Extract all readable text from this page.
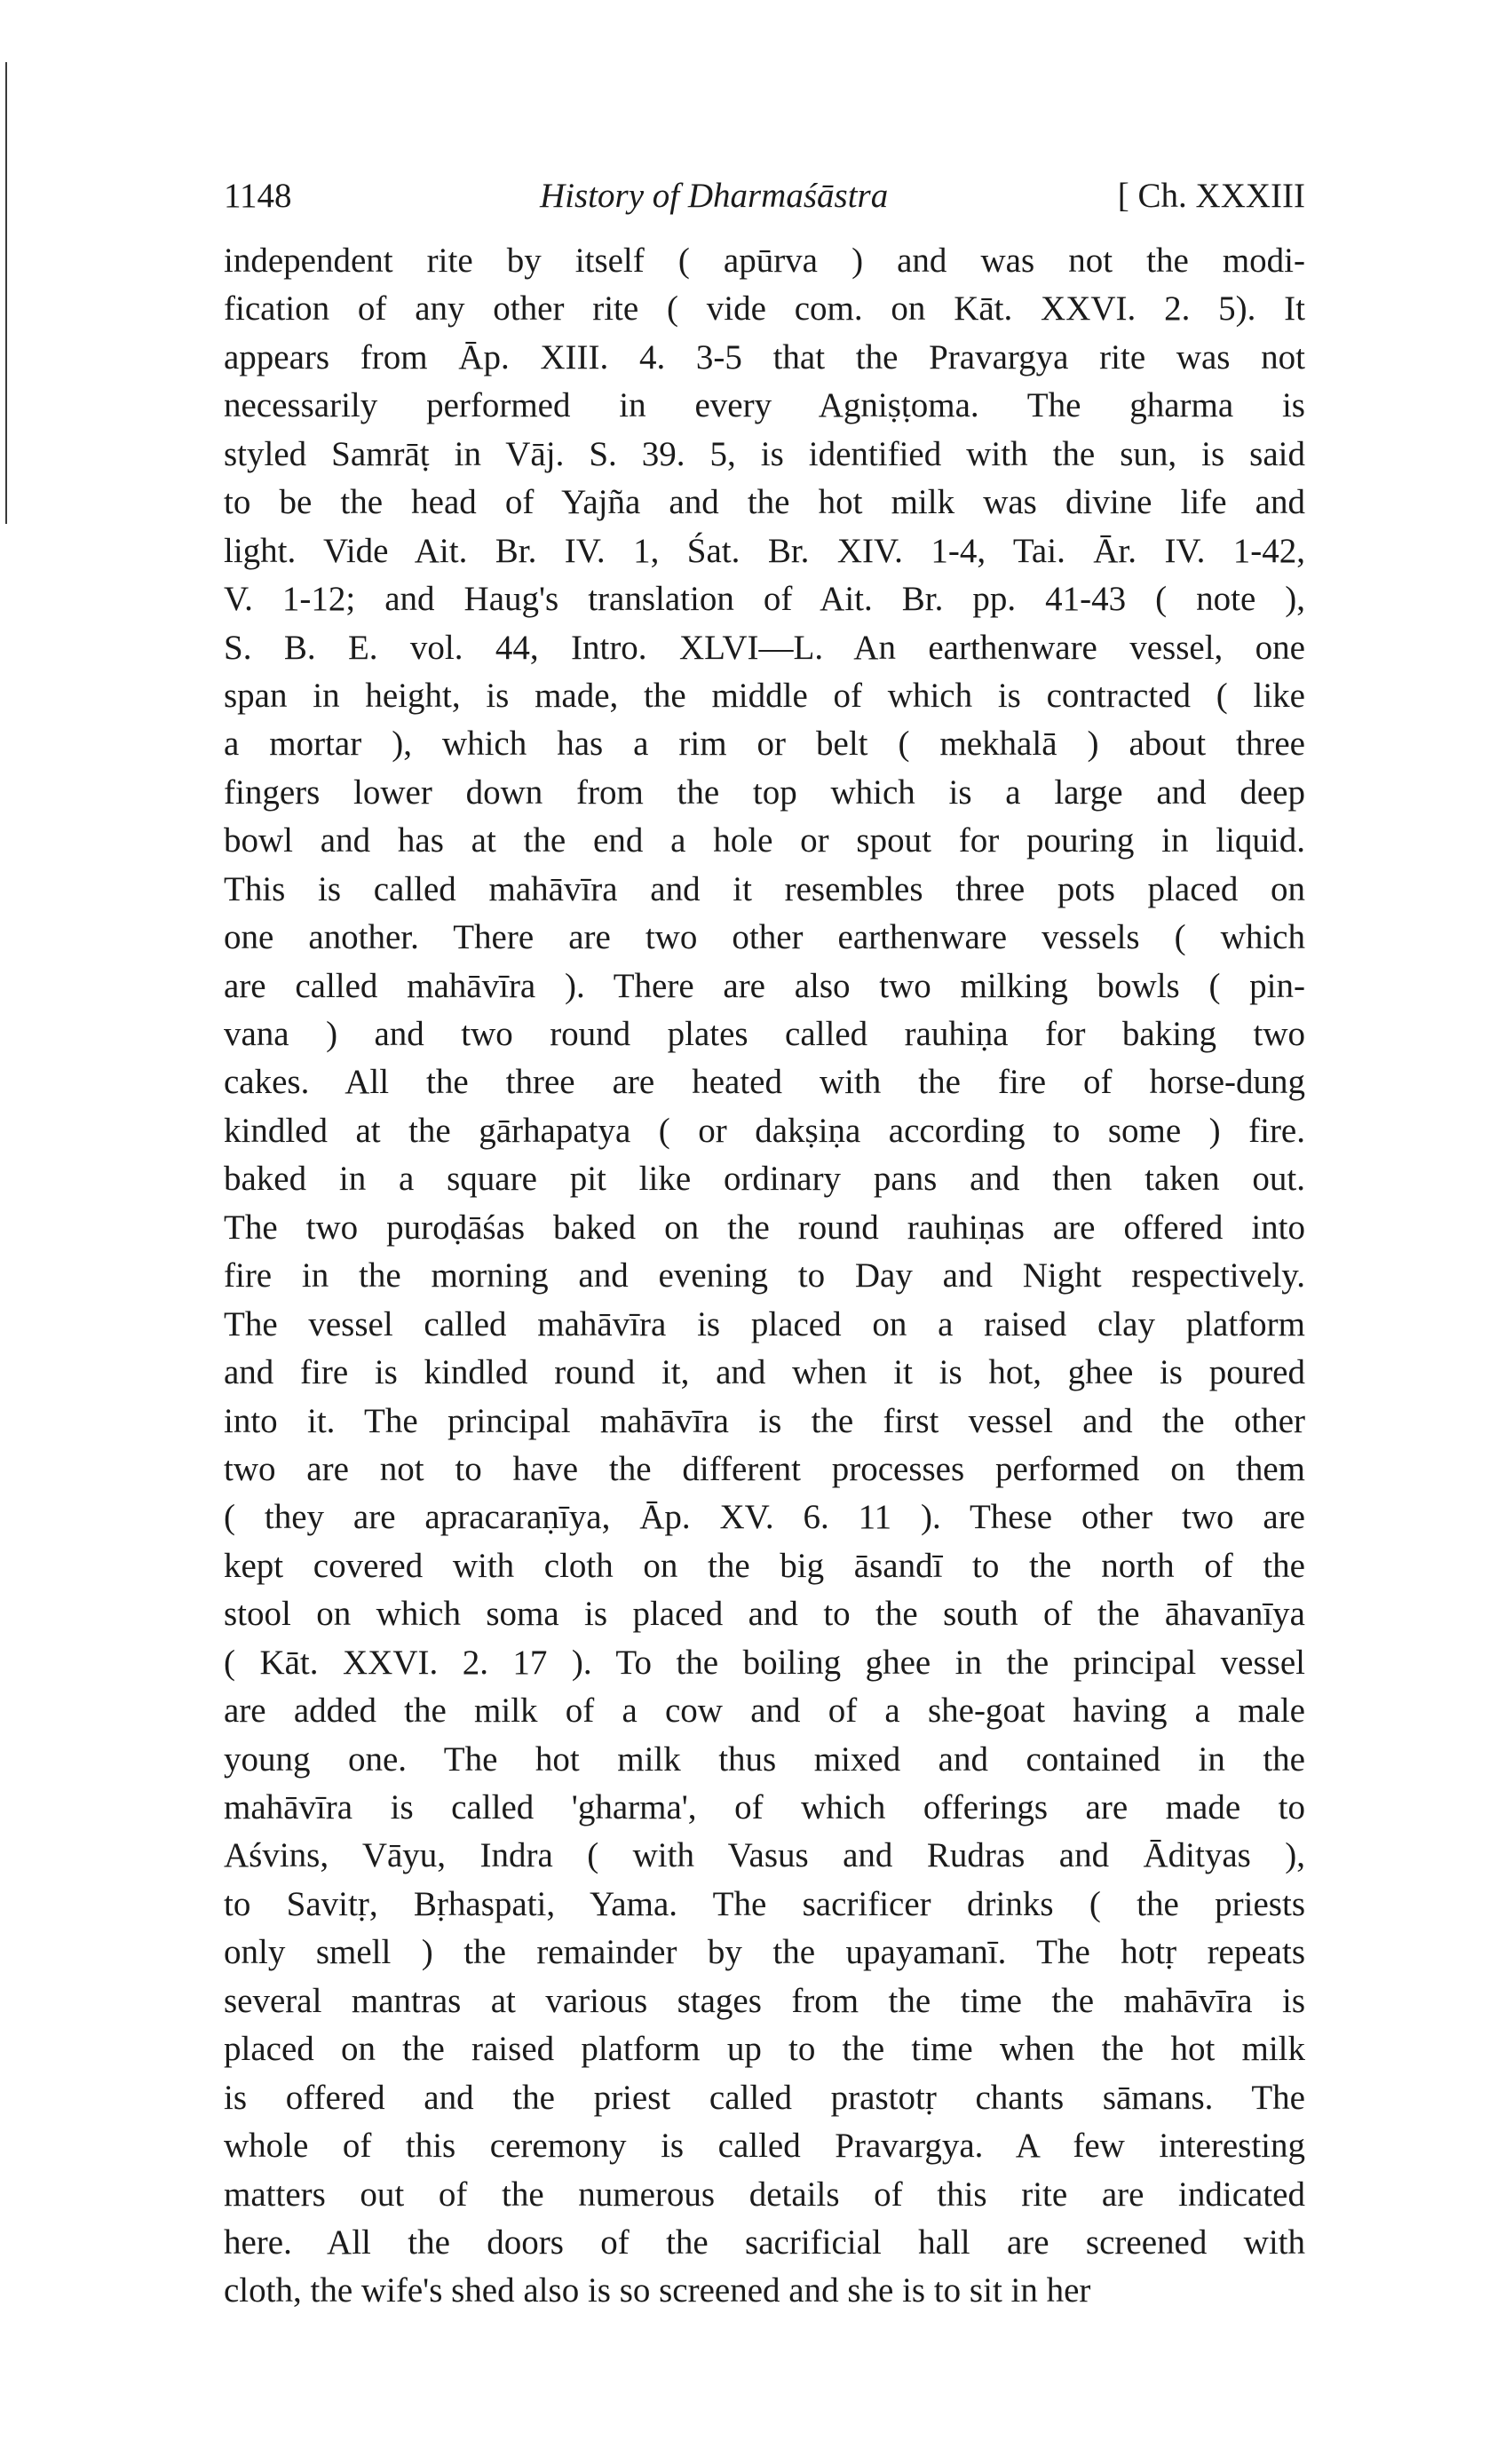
1148	History of Dharmaśāstra	[ Ch. XXXIII
independent rite by itself ( apūrva ) and was not the modi-
fication of any other rite ( vide com. on Kāt. XXVI. 2. 5). It
appears from Āp. XIII. 4. 3-5 that the Pravargya rite was not
necessarily performed in every Agniṣṭoma. The gharma is
styled Samrāṭ in Vāj. S. 39. 5, is identified with the sun, is said
to be the head of Yajña and the hot milk was divine life and
light. Vide Ait. Br. IV. 1, Śat. Br. XIV. 1-4, Tai. Ār. IV. 1-42,
V. 1-12; and Haug's translation of Ait. Br. pp. 41-43 ( note ),
S. B. E. vol. 44, Intro. XLVI—L. An earthenware vessel, one
span in height, is made, the middle of which is contracted ( like
a mortar ), which has a rim or belt ( mekhalā ) about three
fingers lower down from the top which is a large and deep
bowl and has at the end a hole or spout for pouring in liquid.
This is called mahāvīra and it resembles three pots placed on
one another. There are two other earthenware vessels ( which
are called mahāvīra ). There are also two milking bowls ( pin-
vana ) and two round plates called rauhiṇa for baking two
cakes. All the three are heated with the fire of horse-dung
kindled at the gārhapatya ( or dakṣiṇa according to some ) fire.
baked in a square pit like ordinary pans and then taken out.
The two puroḍāśas baked on the round rauhiṇas are offered into
fire in the morning and evening to Day and Night respectively.
The vessel called mahāvīra is placed on a raised clay platform
and fire is kindled round it, and when it is hot, ghee is poured
into it. The principal mahāvīra is the first vessel and the other
two are not to have the different processes performed on them
( they are apracaraṇīya, Āp. XV. 6. 11 ). These other two are
kept covered with cloth on the big āsandī to the north of the
stool on which soma is placed and to the south of the āhavanīya
( Kāt. XXVI. 2. 17 ). To the boiling ghee in the principal vessel
are added the milk of a cow and of a she-goat having a male
young one. The hot milk thus mixed and contained in the
mahāvīra is called 'gharma', of which offerings are made to
Aśvins, Vāyu, Indra ( with Vasus and Rudras and Ādityas ),
to Savitṛ, Bṛhaspati, Yama. The sacrificer drinks ( the priests
only smell ) the remainder by the upayamanī. The hotṛ repeats
several mantras at various stages from the time the mahāvīra is
placed on the raised platform up to the time when the hot milk
is offered and the priest called prastotṛ chants sāmans. The
whole of this ceremony is called Pravargya. A few interesting
matters out of the numerous details of this rite are indicated
here. All the doors of the sacrificial hall are screened with
cloth, the wife's shed also is so screened and she is to sit in her
